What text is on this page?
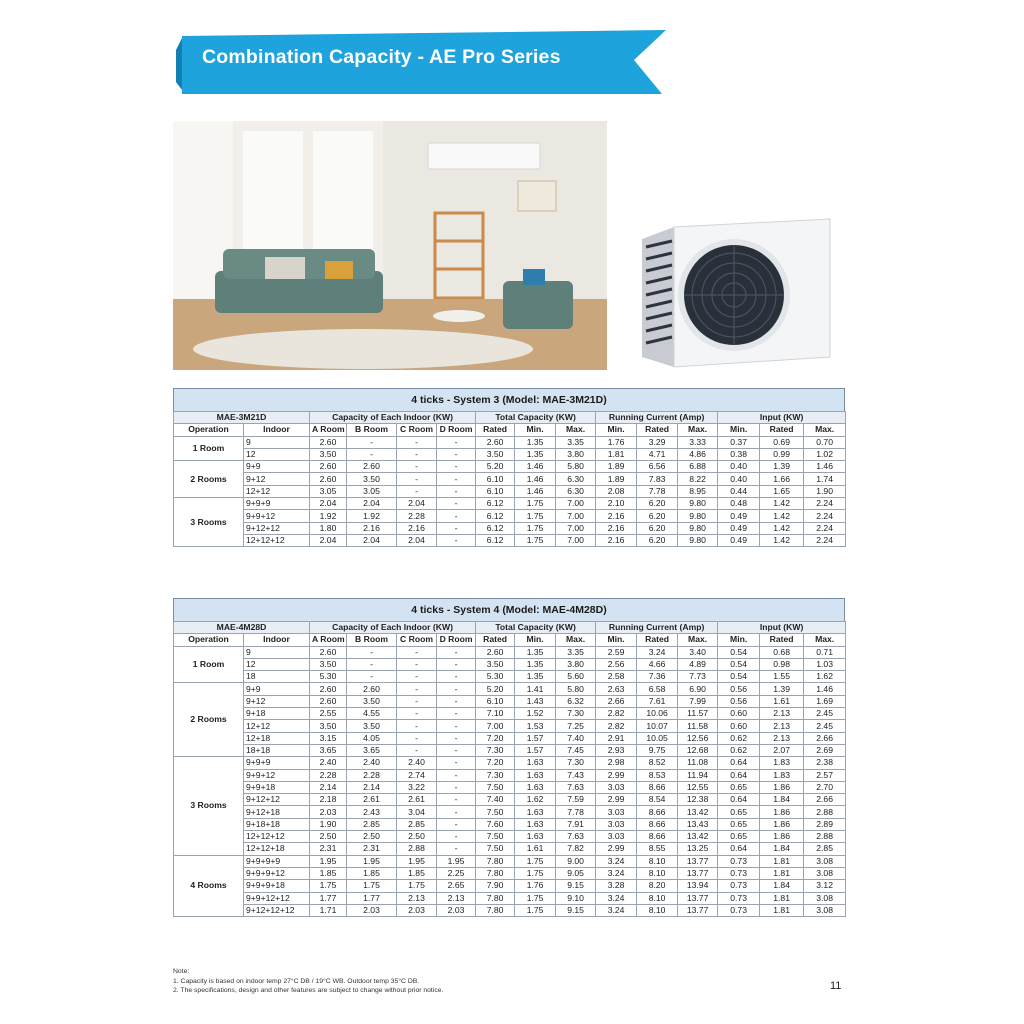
Combination Capacity - AE Pro Series
4 ticks - System 3 (Model: MAE-3M21D)
MAE-3M21D		Capacity of Each Indoor (KW)				Total Capacity (KW)			Running Current (Amp)			Input (KW)		
Operation	Indoor	A Room	B Room	C Room	D Room	Rated	Min.	Max.	Min.	Rated	Max.	Min.	Rated	Max.
1 Room	9	2.60	-	-	-	2.60	1.35	3.35	1.76	3.29	3.33	0.37	0.69	0.70
	12	3.50	-	-	-	3.50	1.35	3.80	1.81	4.71	4.86	0.38	0.99	1.02
2 Rooms	9+9	2.60	2.60	-	-	5.20	1.46	5.80	1.89	6.56	6.88	0.40	1.39	1.46
	9+12	2.60	3.50	-	-	6.10	1.46	6.30	1.89	7.83	8.22	0.40	1.66	1.74
	12+12	3.05	3.05	-	-	6.10	1.46	6.30	2.08	7.78	8.95	0.44	1.65	1.90
3 Rooms	9+9+9	2.04	2.04	2.04	-	6.12	1.75	7.00	2.10	6.20	9.80	0.48	1.42	2.24
	9+9+12	1.92	1.92	2.28	-	6.12	1.75	7.00	2.16	6.20	9.80	0.49	1.42	2.24
	9+12+12	1.80	2.16	2.16	-	6.12	1.75	7.00	2.16	6.20	9.80	0.49	1.42	2.24
	12+12+12	2.04	2.04	2.04	-	6.12	1.75	7.00	2.16	6.20	9.80	0.49	1.42	2.24
4 ticks - System 4 (Model: MAE-4M28D)
MAE-4M28D		Capacity of Each Indoor (KW)				Total Capacity (KW)			Running Current (Amp)			Input (KW)		
Operation	Indoor	A Room	B Room	C Room	D Room	Rated	Min.	Max.	Min.	Rated	Max.	Min.	Rated	Max.
1 Room	9	2.60	-	-	-	2.60	1.35	3.35	2.59	3.24	3.40	0.54	0.68	0.71
	12	3.50	-	-	-	3.50	1.35	3.80	2.56	4.66	4.89	0.54	0.98	1.03
	18	5.30	-	-	-	5.30	1.35	5.60	2.58	7.36	7.73	0.54	1.55	1.62
2 Rooms	9+9	2.60	2.60	-	-	5.20	1.41	5.80	2.63	6.58	6.90	0.56	1.39	1.46
	9+12	2.60	3.50	-	-	6.10	1.43	6.32	2.66	7.61	7.99	0.56	1.61	1.69
	9+18	2.55	4.55	-	-	7.10	1.52	7.30	2.82	10.06	11.57	0.60	2.13	2.45
	12+12	3.50	3.50	-	-	7.00	1.53	7.25	2.82	10.07	11.58	0.60	2.13	2.45
	12+18	3.15	4.05	-	-	7.20	1.57	7.40	2.91	10.05	12.56	0.62	2.13	2.66
	18+18	3.65	3.65	-	-	7.30	1.57	7.45	2.93	9.75	12.68	0.62	2.07	2.69
3 Rooms	9+9+9	2.40	2.40	2.40	-	7.20	1.63	7.30	2.98	8.52	11.08	0.64	1.83	2.38
	9+9+12	2.28	2.28	2.74	-	7.30	1.63	7.43	2.99	8.53	11.94	0.64	1.83	2.57
	9+9+18	2.14	2.14	3.22	-	7.50	1.63	7.63	3.03	8.66	12.55	0.65	1.86	2.70
	9+12+12	2.18	2.61	2.61	-	7.40	1.62	7.59	2.99	8.54	12.38	0.64	1.84	2.66
	9+12+18	2.03	2.43	3.04	-	7.50	1.63	7.78	3.03	8.66	13.42	0.65	1.86	2.88
	9+18+18	1.90	2.85	2.85	-	7.60	1.63	7.91	3.03	8.66	13.43	0.65	1.86	2.89
	12+12+12	2.50	2.50	2.50	-	7.50	1.63	7.63	3.03	8.66	13.42	0.65	1.86	2.88
	12+12+18	2.31	2.31	2.88	-	7.50	1.61	7.82	2.99	8.55	13.25	0.64	1.84	2.85
4 Rooms	9+9+9+9	1.95	1.95	1.95	1.95	7.80	1.75	9.00	3.24	8.10	13.77	0.73	1.81	3.08
	9+9+9+12	1.85	1.85	1.85	2.25	7.80	1.75	9.05	3.24	8.10	13.77	0.73	1.81	3.08
	9+9+9+18	1.75	1.75	1.75	2.65	7.90	1.76	9.15	3.28	8.20	13.94	0.73	1.84	3.12
	9+9+12+12	1.77	1.77	2.13	2.13	7.80	1.75	9.10	3.24	8.10	13.77	0.73	1.81	3.08
	9+12+12+12	1.71	2.03	2.03	2.03	7.80	1.75	9.15	3.24	8.10	13.77	0.73	1.81	3.08
Note:
1. Capacity is based on indoor temp 27°C DB / 19°C WB. Outdoor temp 35°C DB.
2. The specifications, design and other features are subject to change without prior notice.	11
